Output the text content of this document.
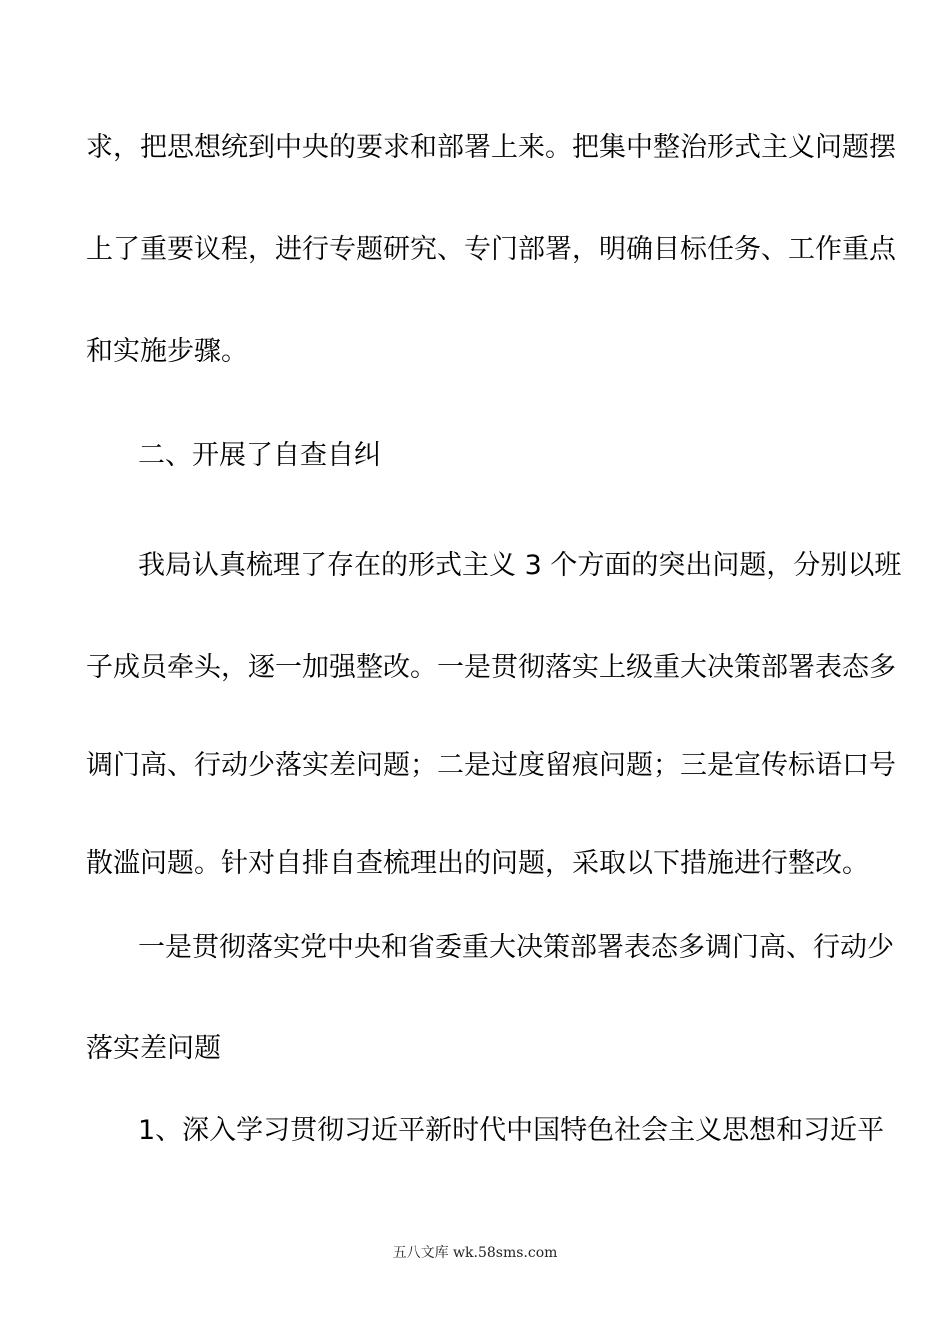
求，把思想统到中央的要求和部署上来。把集中整治形式主义问题摆
上了重要议程，进行专题研究、专门部署，明确目标任务、工作重点
和实施步骤。
二、开展了自查自纠
我局认真梳理了存在的形式主义 3 个方面的突出问题，分别以班
子成员牵头，逐一加强整改。一是贯彻落实上级重大决策部署表态多
调门高、行动少落实差问题；二是过度留痕问题；三是宣传标语口号
散滥问题。针对自排自查梳理出的问题，采取以下措施进行整改。
一是贯彻落实党中央和省委重大决策部署表态多调门高、行动少
落实差问题
1、深入学习贯彻习近平新时代中国特色社会主义思想和习近平
五八文库 wk.58sms.com
